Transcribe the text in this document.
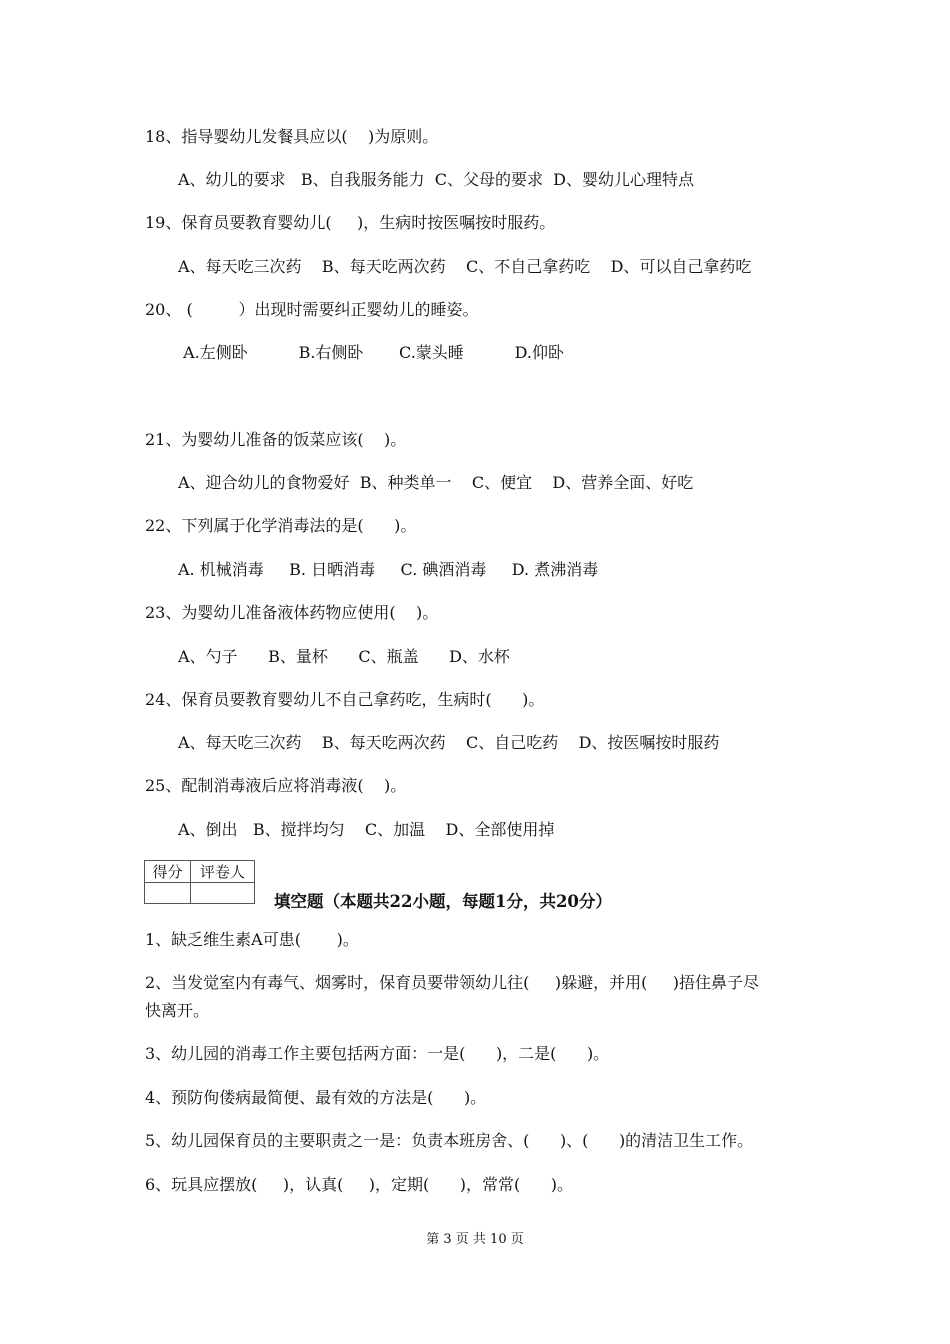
18、指导婴幼儿发餐具应以(    )为原则。
A、幼儿的要求   B、自我服务能力  C、父母的要求  D、婴幼儿心理特点
19、保育员要教育婴幼儿(     )，生病时按医嘱按时服药。
A、每天吃三次药    B、每天吃两次药    C、不自己拿药吃    D、可以自己拿药吃
20、 (         ）出现时需要纠正婴幼儿的睡姿。
A.左侧卧          B.右侧卧       C.蒙头睡          D.仰卧
21、为婴幼儿准备的饭菜应该(    )。
A、迎合幼儿的食物爱好  B、种类单一    C、便宜    D、营养全面、好吃
22、下列属于化学消毒法的是(      )。
A. 机械消毒     B. 日晒消毒     C. 碘酒消毒     D. 煮沸消毒
23、为婴幼儿准备液体药物应使用(    )。
A、勺子      B、量杯      C、瓶盖      D、水杯
24、保育员要教育婴幼儿不自己拿药吃，生病时(      )。
A、每天吃三次药    B、每天吃两次药    C、自己吃药    D、按医嘱按时服药
25、配制消毒液后应将消毒液(    )。
A、倒出   B、搅拌均匀    C、加温    D、全部使用掉
得分	评卷人

填空题（本题共22小题，每题1分，共20分）
1、缺乏维生素A可患(       )。
2、当发觉室内有毒气、烟雾时，保育员要带领幼儿往(     )躲避，并用(     )捂住鼻子尽
快离开。
3、幼儿园的消毒工作主要包括两方面：一是(      )，二是(      )。
4、预防佝偻病最简便、最有效的方法是(      )。
5、幼儿园保育员的主要职责之一是：负责本班房舍、(      )、(      )的清洁卫生工作。
6、玩具应摆放(     )，认真(     )，定期(      )，常常(      )。
第 3 页 共 10 页
